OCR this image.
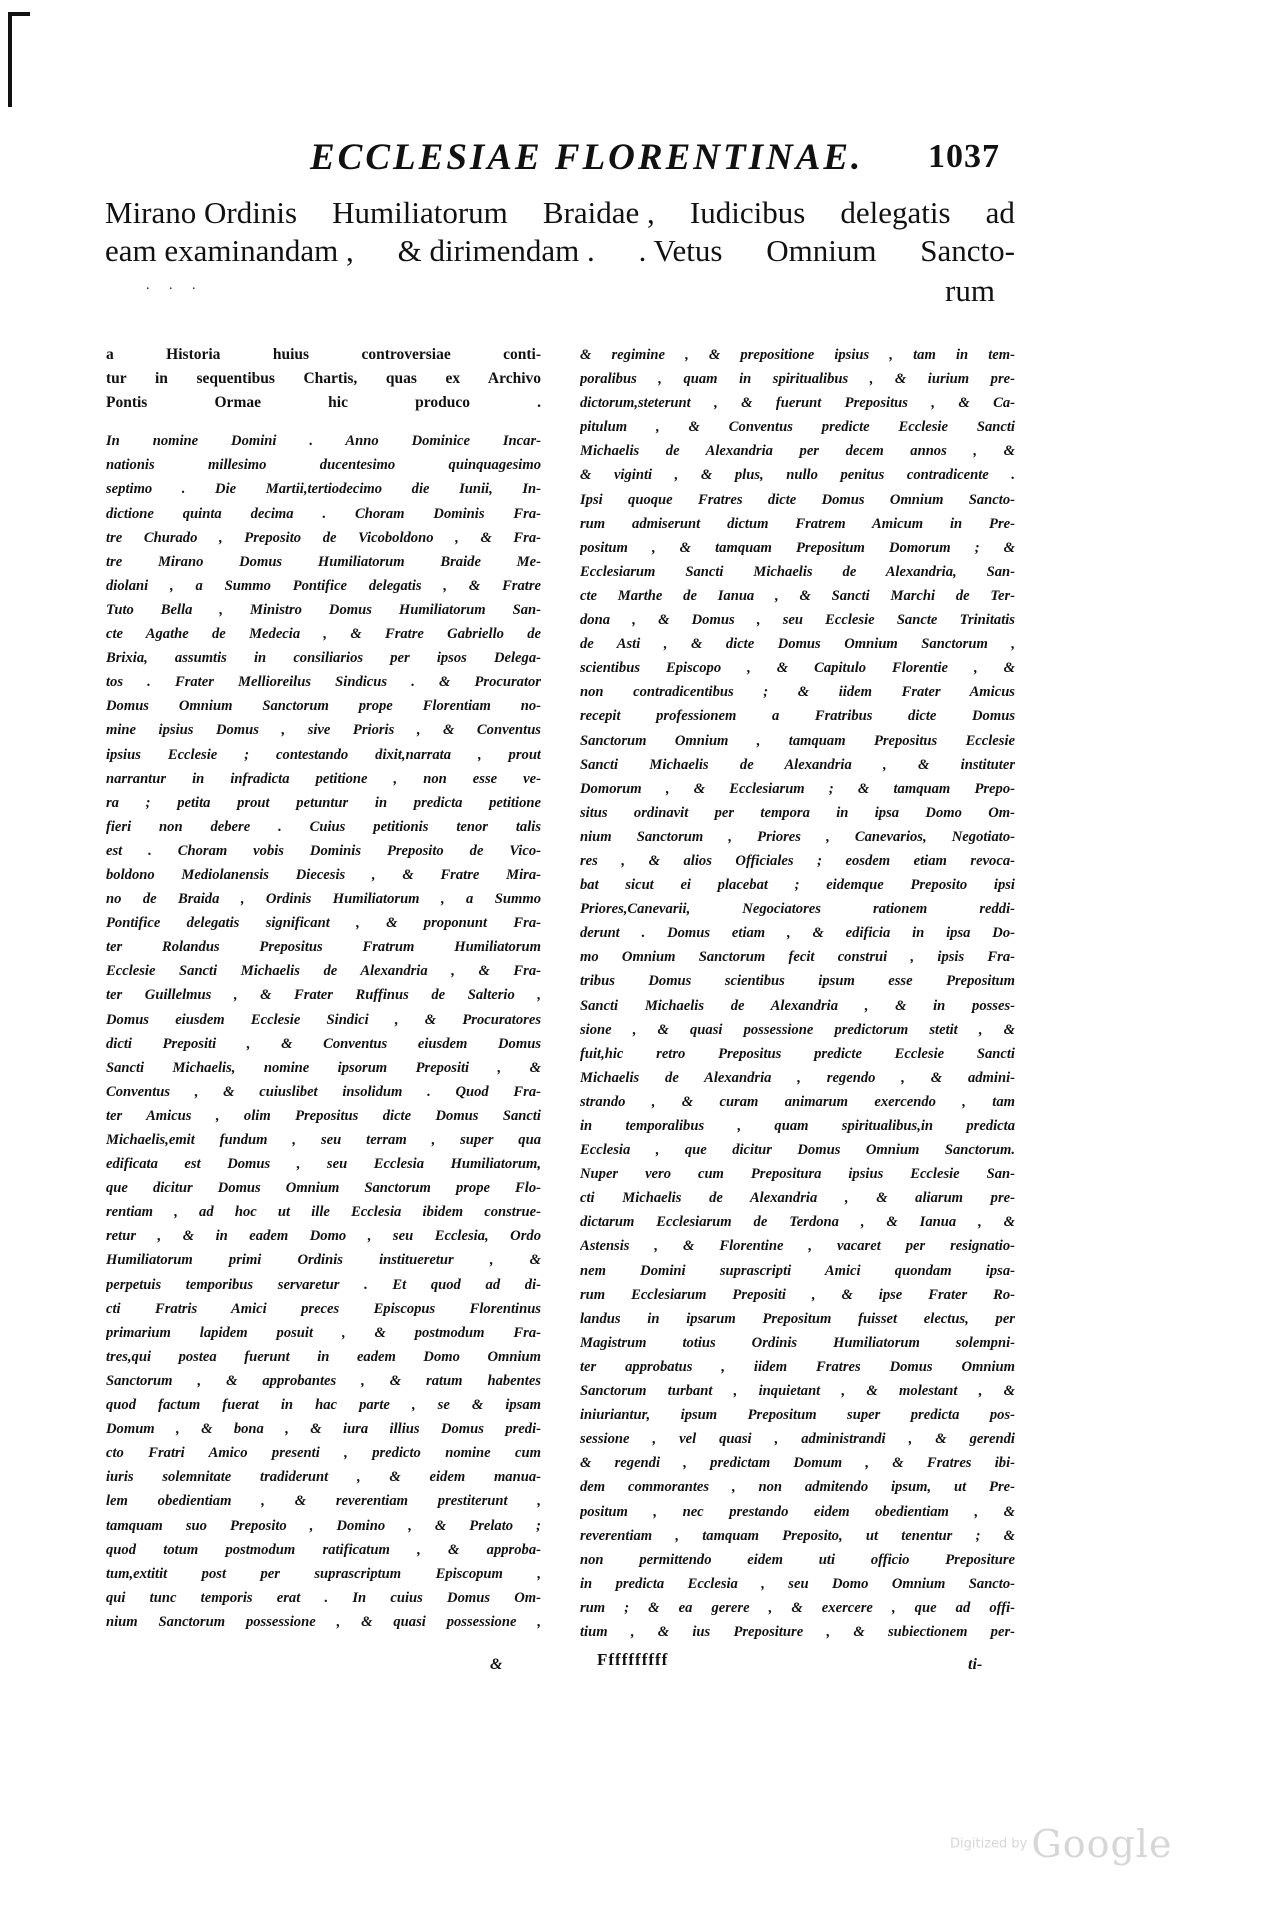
ECCLESIAE FLORENTINAE. 1037
Mirano Ordinis Humiliatorum Braidae , Iudicibus delegatis ad
eam examinandam , & dirimendam . . Vetus Omnium Sancto-
. . .	rum
a Historia huius controversiae conti-
tur in sequentibus Chartis, quas ex Archivo
Pontis Ormae hic produco .
In nomine Domini . Anno Dominice Incar-
nationis millesimo ducentesimo quinquagesimo
septimo . Die Martii,tertiodecimo die Iunii, In-
dictione quinta decima . Choram Dominis Fra-
tre Churado , Preposito de Vicoboldono , & Fra-
tre Mirano Domus Humiliatorum Braide Me-
diolani , a Summo Pontifice delegatis , & Fratre
Tuto Bella , Ministro Domus Humiliatorum San-
cte Agathe de Medecia , & Fratre Gabriello de
Brixia, assumtis in consiliarios per ipsos Delega-
tos . Frater Mellioreilus Sindicus . & Procurator
Domus Omnium Sanctorum prope Florentiam no-
mine ipsius Domus , sive Prioris , & Conventus
ipsius Ecclesie ; contestando dixit,narrata , prout
narrantur in infradicta petitione , non esse ve-
ra ; petita prout petuntur in predicta petitione
fieri non debere . Cuius petitionis tenor talis
est . Choram vobis Dominis Preposito de Vico-
boldono Mediolanensis Diecesis , & Fratre Mira-
no de Braida , Ordinis Humiliatorum , a Summo
Pontifice delegatis significant , & proponunt Fra-
ter Rolandus Prepositus Fratrum Humiliatorum
Ecclesie Sancti Michaelis de Alexandria , & Fra-
ter Guillelmus , & Frater Ruffinus de Salterio ,
Domus eiusdem Ecclesie Sindici , & Procuratores
dicti Prepositi , & Conventus eiusdem Domus
Sancti Michaelis, nomine ipsorum Prepositi , &
Conventus , & cuiuslibet insolidum . Quod Fra-
ter Amicus , olim Prepositus dicte Domus Sancti
Michaelis,emit fundum , seu terram , super qua
edificata est Domus , seu Ecclesia Humiliatorum,
que dicitur Domus Omnium Sanctorum prope Flo-
rentiam , ad hoc ut ille Ecclesia ibidem construe-
retur , & in eadem Domo , seu Ecclesia, Ordo
Humiliatorum primi Ordinis institueretur , &
perpetuis temporibus servaretur . Et quod ad di-
cti Fratris Amici preces Episcopus Florentinus
primarium lapidem posuit , & postmodum Fra-
tres,qui postea fuerunt in eadem Domo Omnium
Sanctorum , & approbantes , & ratum habentes
quod factum fuerat in hac parte , se & ipsam
Domum , & bona , & iura illius Domus predi-
cto Fratri Amico presenti , predicto nomine cum
iuris solemnitate tradiderunt , & eidem manua-
lem obedientiam , & reverentiam prestiterunt ,
tamquam suo Preposito , Domino , & Prelato ;
quod totum postmodum ratificatum , & approba-
tum,extitit post per suprascriptum Episcopum ,
qui tunc temporis erat . In cuius Domus Om-
nium Sanctorum possessione , & quasi possessione ,
& regimine , & prepositione ipsius , tam in tem-
poralibus , quam in spiritualibus , & iurium pre-
dictorum,steterunt , & fuerunt Prepositus , & Ca-
pitulum , & Conventus predicte Ecclesie Sancti
Michaelis de Alexandria per decem annos , &
& viginti , & plus, nullo penitus contradicente .
Ipsi quoque Fratres dicte Domus Omnium Sancto-
rum admiserunt dictum Fratrem Amicum in Pre-
positum , & tamquam Prepositum Domorum ; &
Ecclesiarum Sancti Michaelis de Alexandria, San-
cte Marthe de Ianua , & Sancti Marchi de Ter-
dona , & Domus , seu Ecclesie Sancte Trinitatis
de Asti , & dicte Domus Omnium Sanctorum ,
scientibus Episcopo , & Capitulo Florentie , &
non contradicentibus ; & iidem Frater Amicus
recepit professionem a Fratribus dicte Domus
Sanctorum Omnium , tamquam Prepositus Ecclesie
Sancti Michaelis de Alexandria , & instituter
Domorum , & Ecclesiarum ; & tamquam Prepo-
situs ordinavit per tempora in ipsa Domo Om-
nium Sanctorum , Priores , Canevarios, Negotiato-
res , & alios Officiales ; eosdem etiam revoca-
bat sicut ei placebat ; eidemque Preposito ipsi
Priores,Canevarii, Negociatores rationem reddi-
derunt . Domus etiam , & edificia in ipsa Do-
mo Omnium Sanctorum fecit construi , ipsis Fra-
tribus Domus scientibus ipsum esse Prepositum
Sancti Michaelis de Alexandria , & in posses-
sione , & quasi possessione predictorum stetit , &
fuit,hic retro Prepositus predicte Ecclesie Sancti
Michaelis de Alexandria , regendo , & admini-
strando , & curam animarum exercendo , tam
in temporalibus , quam spiritualibus,in predicta
Ecclesia , que dicitur Domus Omnium Sanctorum.
Nuper vero cum Prepositura ipsius Ecclesie San-
cti Michaelis de Alexandria , & aliarum pre-
dictarum Ecclesiarum de Terdona , & Ianua , &
Astensis , & Florentine , vacaret per resignatio-
nem Domini suprascripti Amici quondam ipsa-
rum Ecclesiarum Prepositi , & ipse Frater Ro-
landus in ipsarum Prepositum fuisset electus, per
Magistrum totius Ordinis Humiliatorum solempni-
ter approbatus , iidem Fratres Domus Omnium
Sanctorum turbant , inquietant , & molestant , &
iniuriantur, ipsum Prepositum super predicta pos-
sessione , vel quasi , administrandi , & gerendi
& regendi , predictam Domum , & Fratres ibi-
dem commorantes , non admitendo ipsum, ut Pre-
positum , nec prestando eidem obedientiam , &
reverentiam , tamquam Preposito, ut tenentur ; &
non permittendo eidem uti officio Prepositure
in predicta Ecclesia , seu Domo Omnium Sancto-
rum ; & ea gerere , & exercere , que ad offi-
tium , & ius Prepositure , & subiectionem per-
&	Ffffffffff	ti-
Digitized by Google
